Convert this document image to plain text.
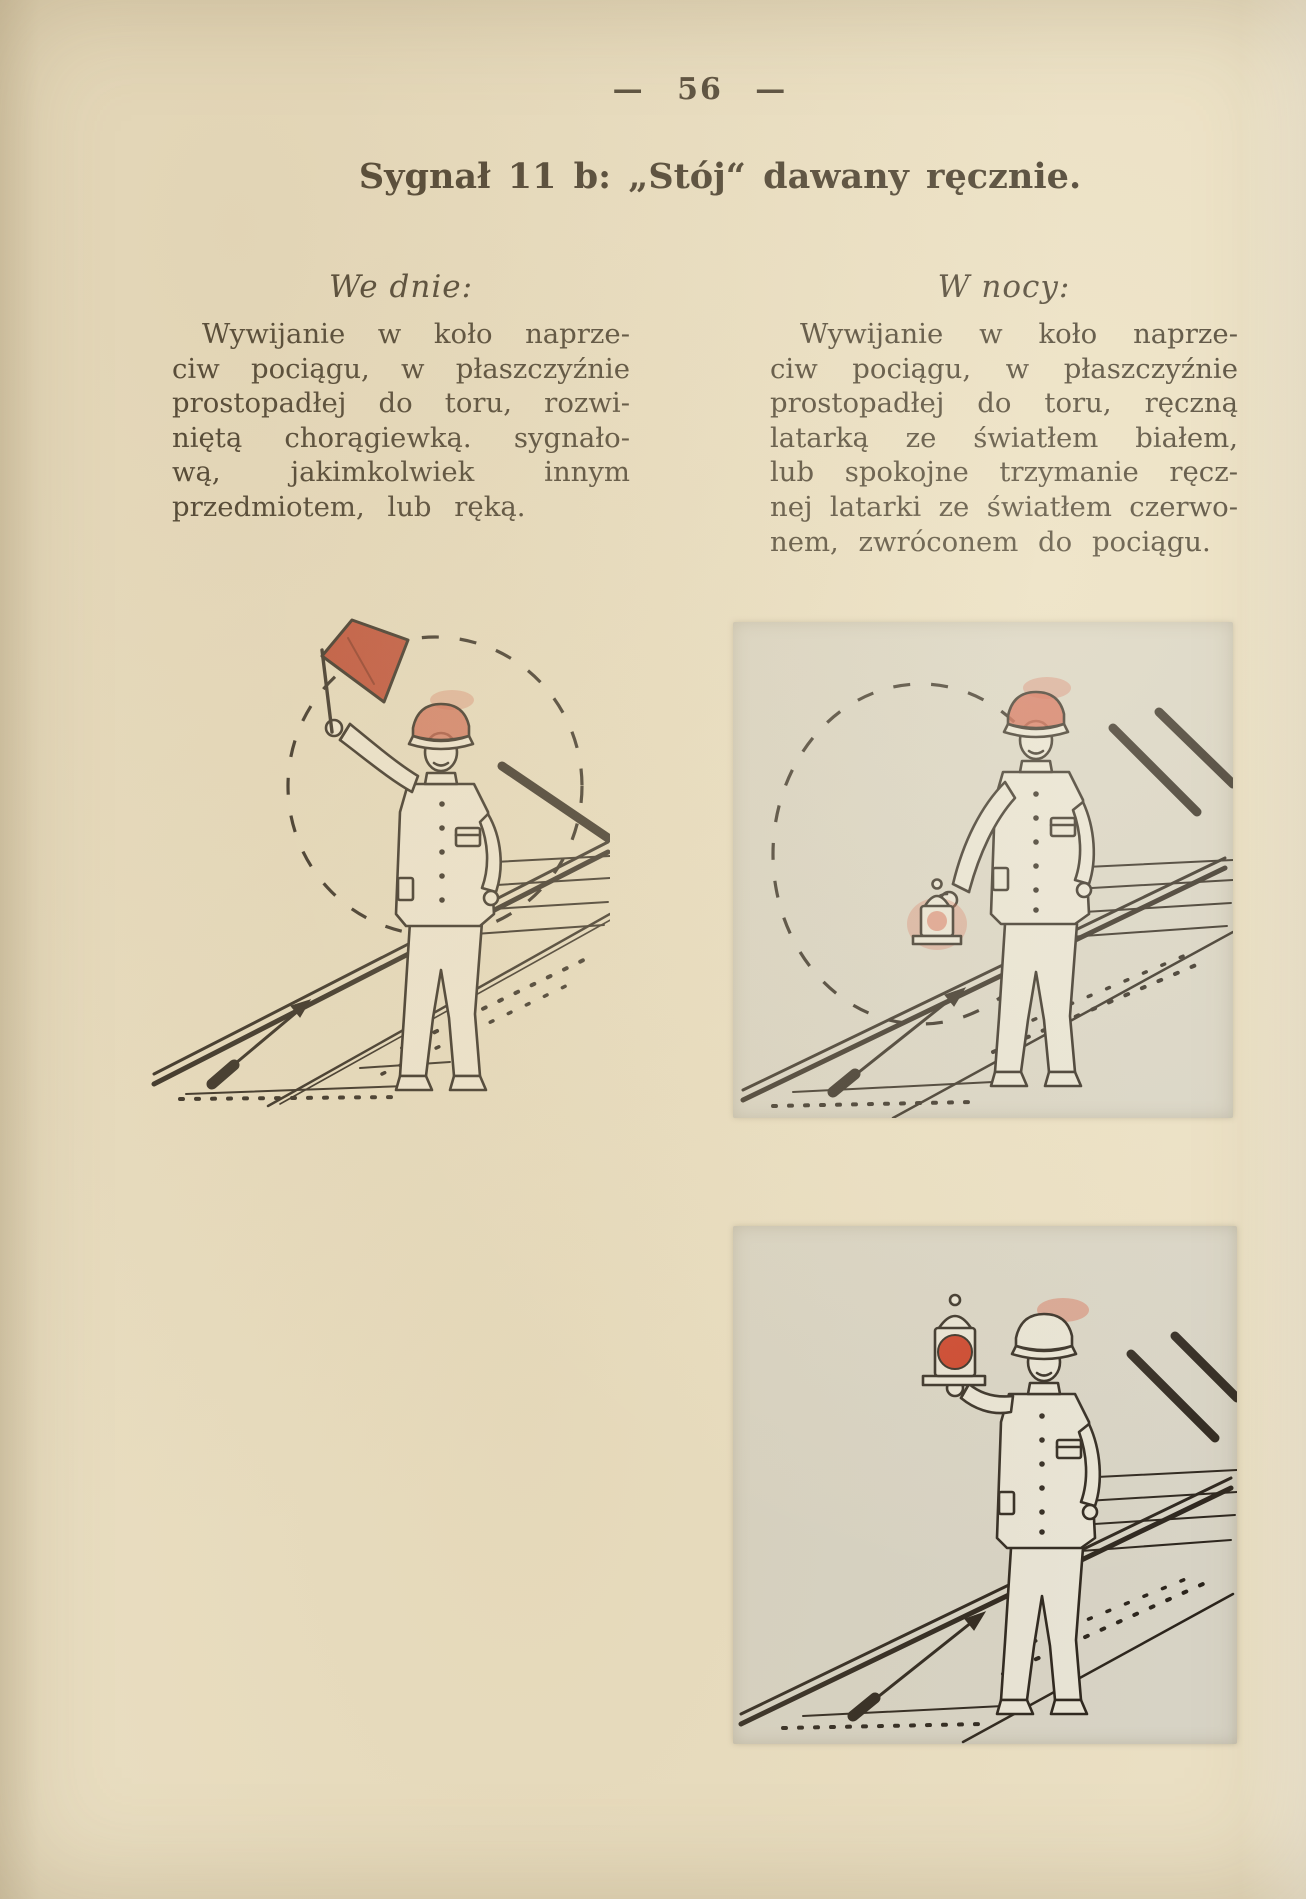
— 56 —
Sygnał 11 b: „Stój“ dawany ręcznie.
We dnie:
Wywijanie w koło naprze-
ciw pociągu, w płaszczyźnie
prostopadłej do toru, rozwi-
niętą chorągiewką. sygnało-
wą, jakimkolwiek innym
przedmiotem, lub ręką.
W nocy:
Wywijanie w koło naprze-
ciw pociągu, w płaszczyźnie
prostopadłej do toru, ręczną
latarką ze światłem białem,
lub spokojne trzymanie ręcz-
nej latarki ze światłem czerwo-
nem, zwróconem do pociągu.
